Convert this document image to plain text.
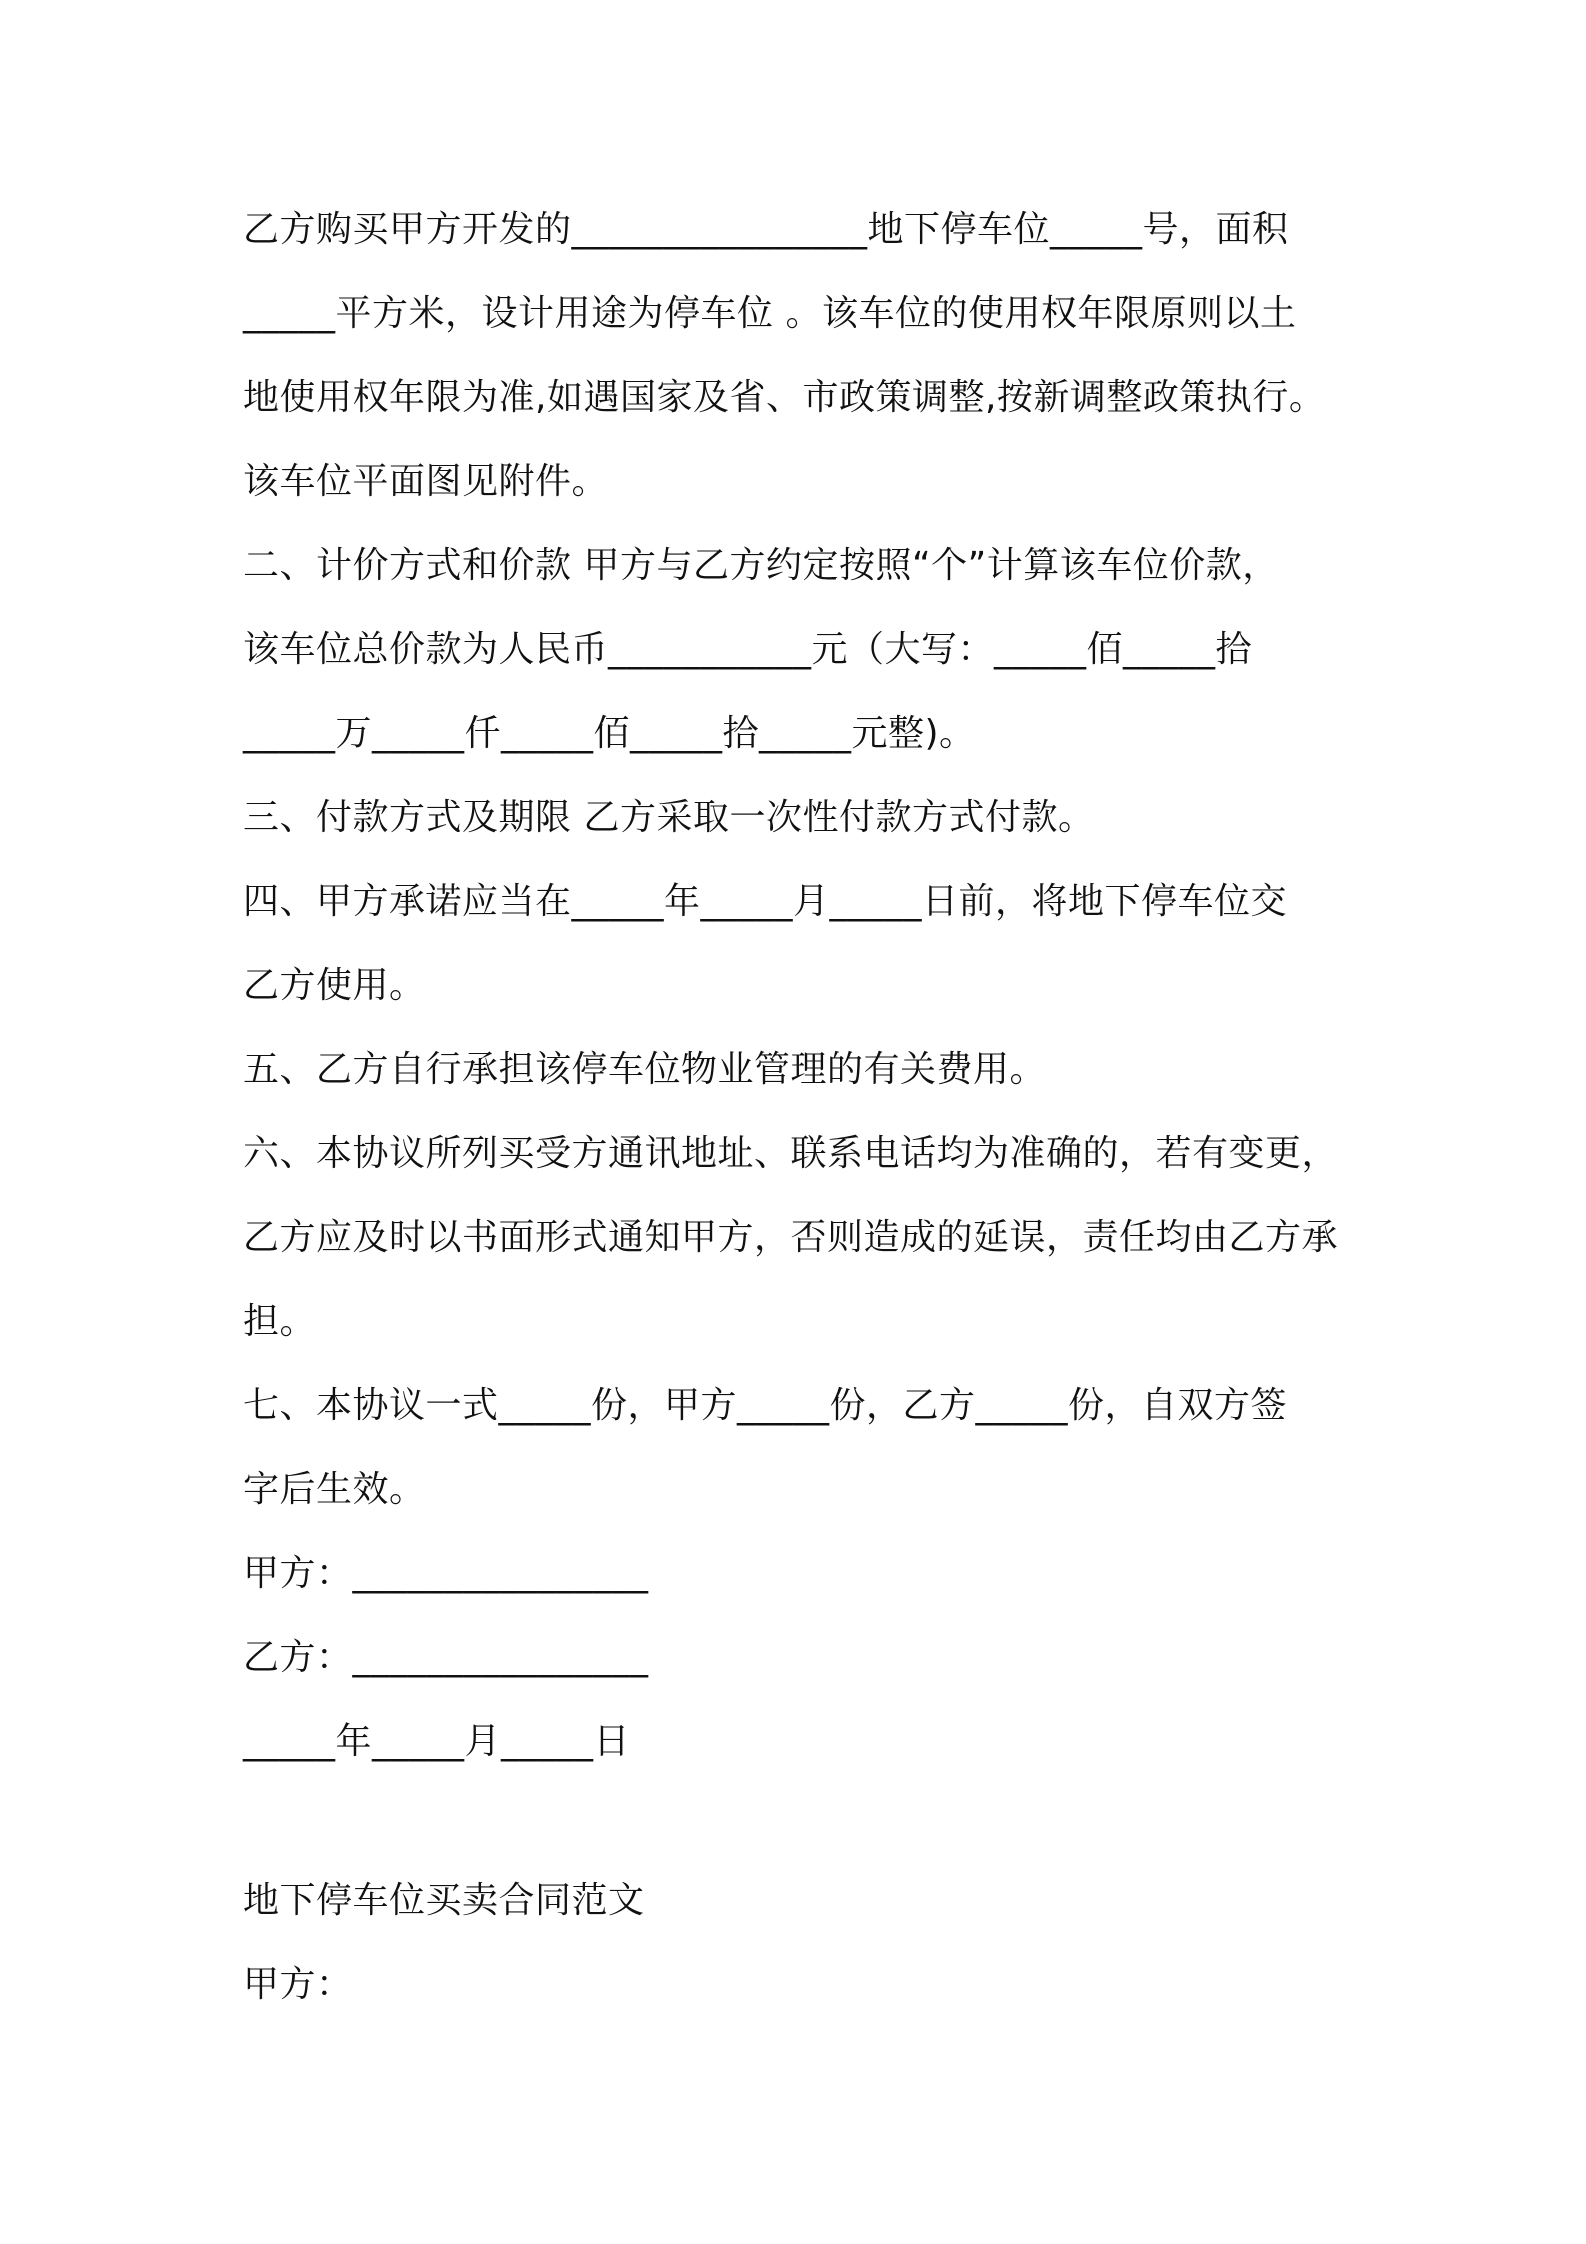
乙方购买甲方开发的________________地下停车位_____号，面积
_____平方米，设计用途为停车位 。该车位的使用权年限原则以土
地使用权年限为准,如遇国家及省、市政策调整,按新调整政策执行。
该车位平面图见附件。
二、计价方式和价款 甲方与乙方约定按照“个”计算该车位价款，
该车位总价款为人民币___________元（大写：_____佰_____拾
_____万_____仟_____佰_____拾_____元整)。
三、付款方式及期限 乙方采取一次性付款方式付款。
四、甲方承诺应当在_____年_____月_____日前，将地下停车位交
乙方使用。
五、乙方自行承担该停车位物业管理的有关费用。
六、本协议所列买受方通讯地址、联系电话均为准确的，若有变更，
乙方应及时以书面形式通知甲方，否则造成的延误，责任均由乙方承
担。
七、本协议一式_____份，甲方_____份，乙方_____份，自双方签
字后生效。
甲方：________________
乙方：________________
_____年_____月_____日
地下停车位买卖合同范文
甲方：
